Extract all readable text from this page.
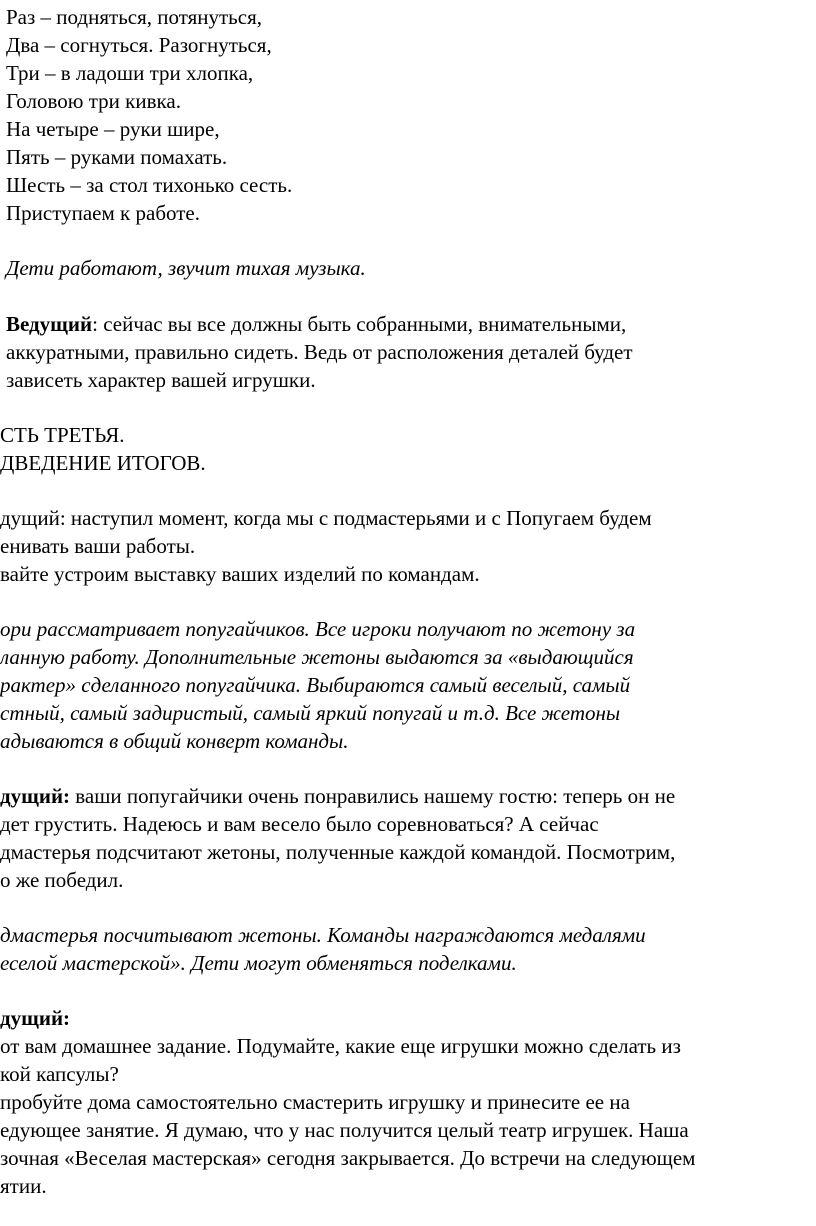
Раз – подняться, потянуться,
Два – согнуться. Разогнуться,
Три – в ладоши три хлопка,
Головою три кивка.
На четыре – руки шире,
Пять – руками помахать.
Шесть – за стол тихонько сесть.
Приступаем к работе.
Дети работают, звучит тихая музыка.
Ведущий: сейчас вы все должны быть собранными, внимательными,
аккуратными, правильно сидеть. Ведь от расположения деталей будет
зависеть характер вашей игрушки.
СТЬ ТРЕТЬЯ.
ДВЕДЕНИЕ ИТОГОВ.
дущий: наступил момент, когда мы с подмастерьями и с Попугаем будем
енивать ваши работы.
вайте устроим выставку ваших изделий по командам.
ори рассматривает попугайчиков. Все игроки получают по жетону за
ланную работу. Дополнительные жетоны выдаются за «выдающийся
рактер» сделанного попугайчика. Выбираются самый веселый, самый
стный, самый задиристый, самый яркий попугай и т.д. Все жетоны
адываются в общий конверт команды.
дущий: ваши попугайчики очень понравились нашему гостю: теперь он не
дет грустить. Надеюсь и вам весело было соревноваться? А сейчас
дмастерья подсчитают жетоны, полученные каждой командой. Посмотрим,
о же победил.
дмастерья посчитывают жетоны. Команды награждаются медалями
еселой мастерской». Дети могут обменяться поделками.
дущий:
от вам домашнее задание. Подумайте, какие еще игрушки можно сделать из
кой капсулы?
пробуйте дома самостоятельно смастерить игрушку и принесите ее на
едующее занятие. Я думаю, что у нас получится целый театр игрушек. Наша
зочная «Веселая мастерская» сегодня закрывается. До встречи на следующем
ятии.
